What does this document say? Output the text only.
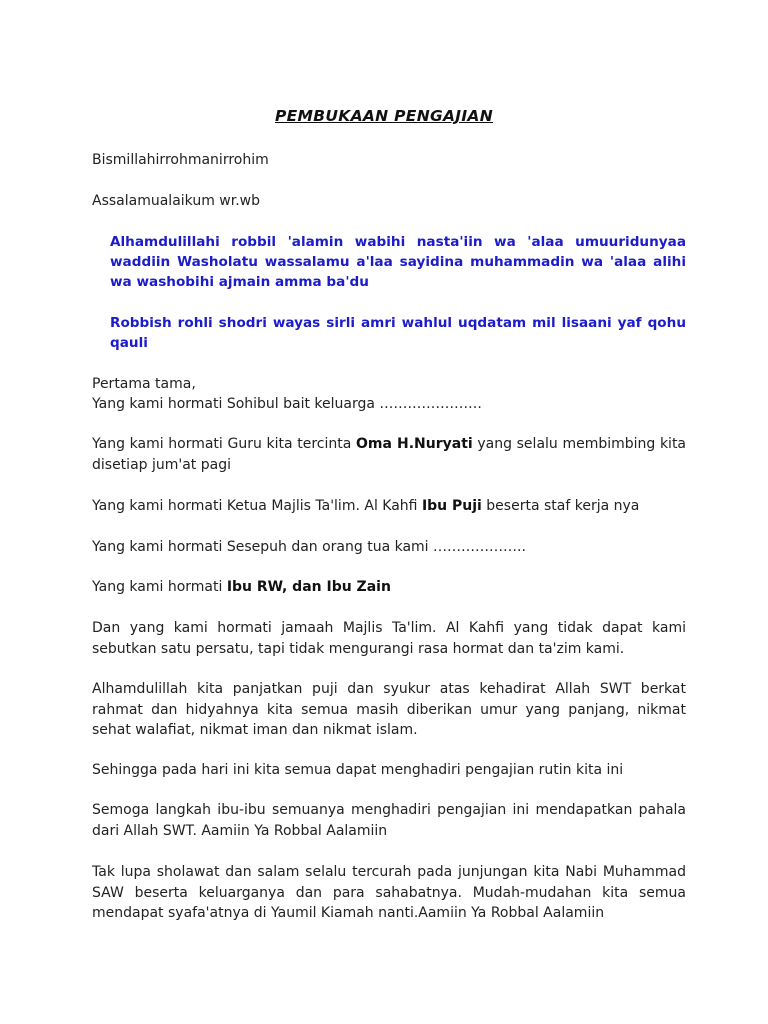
PEMBUKAAN PENGAJIAN
Bismillahirrohmanirrohim
Assalamualaikum wr.wb
Alhamdulillahi robbil 'alamin wabihi nasta'iin wa 'alaa umuuridunyaa waddiin Washolatu wassalamu a'laa sayidina muhammadin wa 'alaa alihi wa washobihi ajmain amma ba'du
Robbish rohli shodri wayas sirli amri wahlul uqdatam mil lisaani yaf qohu qauli
Pertama tama,
Yang kami hormati Sohibul bait keluarga ………………….
Yang kami hormati Guru kita tercinta Oma H.Nuryati yang selalu membimbing kita disetiap jum'at pagi
Yang kami hormati Ketua Majlis Ta'lim. Al Kahfi Ibu Puji beserta staf kerja nya
Yang kami hormati Sesepuh dan orang tua kami ………………..
Yang kami hormati Ibu RW, dan Ibu Zain
Dan yang kami hormati jamaah Majlis Ta'lim. Al Kahfi yang tidak dapat kami sebutkan satu persatu, tapi tidak mengurangi rasa hormat dan ta'zim kami.
Alhamdulillah kita panjatkan puji dan syukur atas kehadirat Allah SWT berkat rahmat dan hidyahnya kita semua masih diberikan umur yang panjang, nikmat sehat walafiat, nikmat iman dan nikmat islam.
Sehingga pada hari ini kita semua dapat menghadiri pengajian rutin kita ini
Semoga langkah ibu-ibu semuanya menghadiri pengajian ini mendapatkan pahala dari Allah SWT. Aamiin Ya Robbal Aalamiin
Tak lupa sholawat dan salam selalu tercurah pada junjungan kita Nabi Muhammad SAW beserta keluarganya dan para sahabatnya. Mudah-mudahan kita semua mendapat syafa'atnya di Yaumil Kiamah nanti.Aamiin Ya Robbal Aalamiin
